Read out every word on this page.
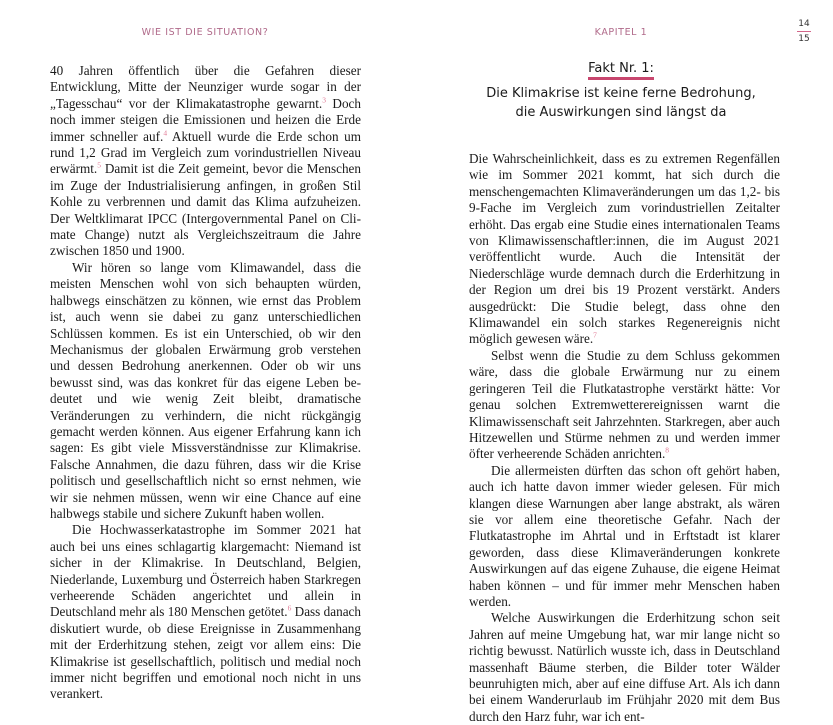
WIE IST DIE SITUATION?

40 Jahren öffentlich über die Gefahren dieser Entwicklung, Mitte der Neunziger wurde sogar in der „Tagesschau“ vor der Klimakatastrophe gewarnt.$^3$ Doch noch immer steigen die Emissionen und heizen die Erde immer schneller auf.$^4$ Aktuell wurde die Erde schon um rund 1,2 Grad im Vergleich zum vorindustriellen Niveau erwärmt.$^5$ Damit ist die Zeit gemeint, bevor die Menschen im Zuge der Industrialisierung anfingen, in großen Stil Kohle zu verbrennen und damit das Klima aufzuheizen. Der Weltklimarat IPCC (Intergovernmental Panel on Climate Change) nutzt als Vergleichszeitraum die Jahre zwischen 1850 und 1900.

Wir hören so lange vom Klimawandel, dass die meisten Menschen wohl von sich behaupten würden, halbwegs einschätzen zu können, wie ernst das Problem ist, auch wenn sie dabei zu ganz unterschiedlichen Schlüssen kommen. Es ist ein Unterschied, ob wir den Mechanismus der globalen Erwärmung grob verstehen und dessen Bedrohung anerkennen. Oder ob wir uns bewusst sind, was das konkret für das eigene Leben bedeutet und wie wenig Zeit bleibt, dramatische Veränderungen zu verhindern, die nicht rückgängig gemacht werden können. Aus eigener Erfahrung kann ich sagen: Es gibt viele Missverständnisse zur Klimakrise. Falsche Annahmen, die dazu führen, dass wir die Krise politisch und gesellschaftlich nicht so ernst nehmen, wie wir sie nehmen müssen, wenn wir eine Chance auf eine halbwegs stabile und sichere Zukunft haben wollen.

Die Hochwasserkatastrophe im Sommer 2021 hat auch bei uns eines schlagartig klargemacht: Niemand ist sicher in der Klimakrise. In Deutschland, Belgien, Niederlande, Luxemburg und Österreich haben Starkregen verheerende Schäden angerichtet und allein in Deutschland mehr als 180 Menschen getötet.$^6$ Dass danach diskutiert wurde, ob diese Ereignisse in Zusammenhang mit der Erderhitzung stehen, zeigt vor allem eins: Die Klimakrise ist gesellschaftlich, politisch und medial noch immer nicht begriffen und emotional noch nicht in uns verankert.

KAPITEL 1
14
15
Fakt Nr. 1:
Die Klimakrise ist keine ferne Bedrohung,
die Auswirkungen sind längst da

Die Wahrscheinlichkeit, dass es zu extremen Regenfällen wie im Sommer 2021 kommt, hat sich durch die menschengemachten Klimaveränderungen um das 1,2- bis 9-Fache im Vergleich zum vorindustriellen Zeitalter erhöht. Das ergab eine Studie eines internationalen Teams von Klimawissenschaftler:innen, die im August 2021 veröffentlicht wurde. Auch die Intensität der Niederschläge wurde demnach durch die Erderhitzung in der Region um drei bis 19 Prozent verstärkt. Anders ausgedrückt: Die Studie belegt, dass ohne den Klimawandel ein solch starkes Regenereignis nicht möglich gewesen wäre.$^7$

Selbst wenn die Studie zu dem Schluss gekommen wäre, dass die globale Erwärmung nur zu einem geringeren Teil die Flutkatastrophe verstärkt hätte: Vor genau solchen Extremwetterereignissen warnt die Klimawissenschaft seit Jahrzehnten. Starkregen, aber auch Hitzewellen und Stürme nehmen zu und werden immer öfter verheerende Schäden anrichten.$^8$

Die allermeisten dürften das schon oft gehört haben, auch ich hatte davon immer wieder gelesen. Für mich klangen diese Warnungen aber lange abstrakt, als wären sie vor allem eine theoretische Gefahr. Nach der Flutkatastrophe im Ahrtal und in Erftstadt ist klarer geworden, dass diese Klimaveränderungen konkrete Auswirkungen auf das eigene Zuhause, die eigene Heimat haben können – und für immer mehr Menschen haben werden.

Welche Auswirkungen die Erderhitzung schon seit Jahren auf meine Umgebung hat, war mir lange nicht so richtig bewusst. Natürlich wusste ich, dass in Deutschland massenhaft Bäume sterben, die Bilder toter Wälder beunruhigten mich, aber auf eine diffuse Art. Als ich dann bei einem Wanderurlaub im Frühjahr 2020 mit dem Bus durch den Harz fuhr, war ich ent-
